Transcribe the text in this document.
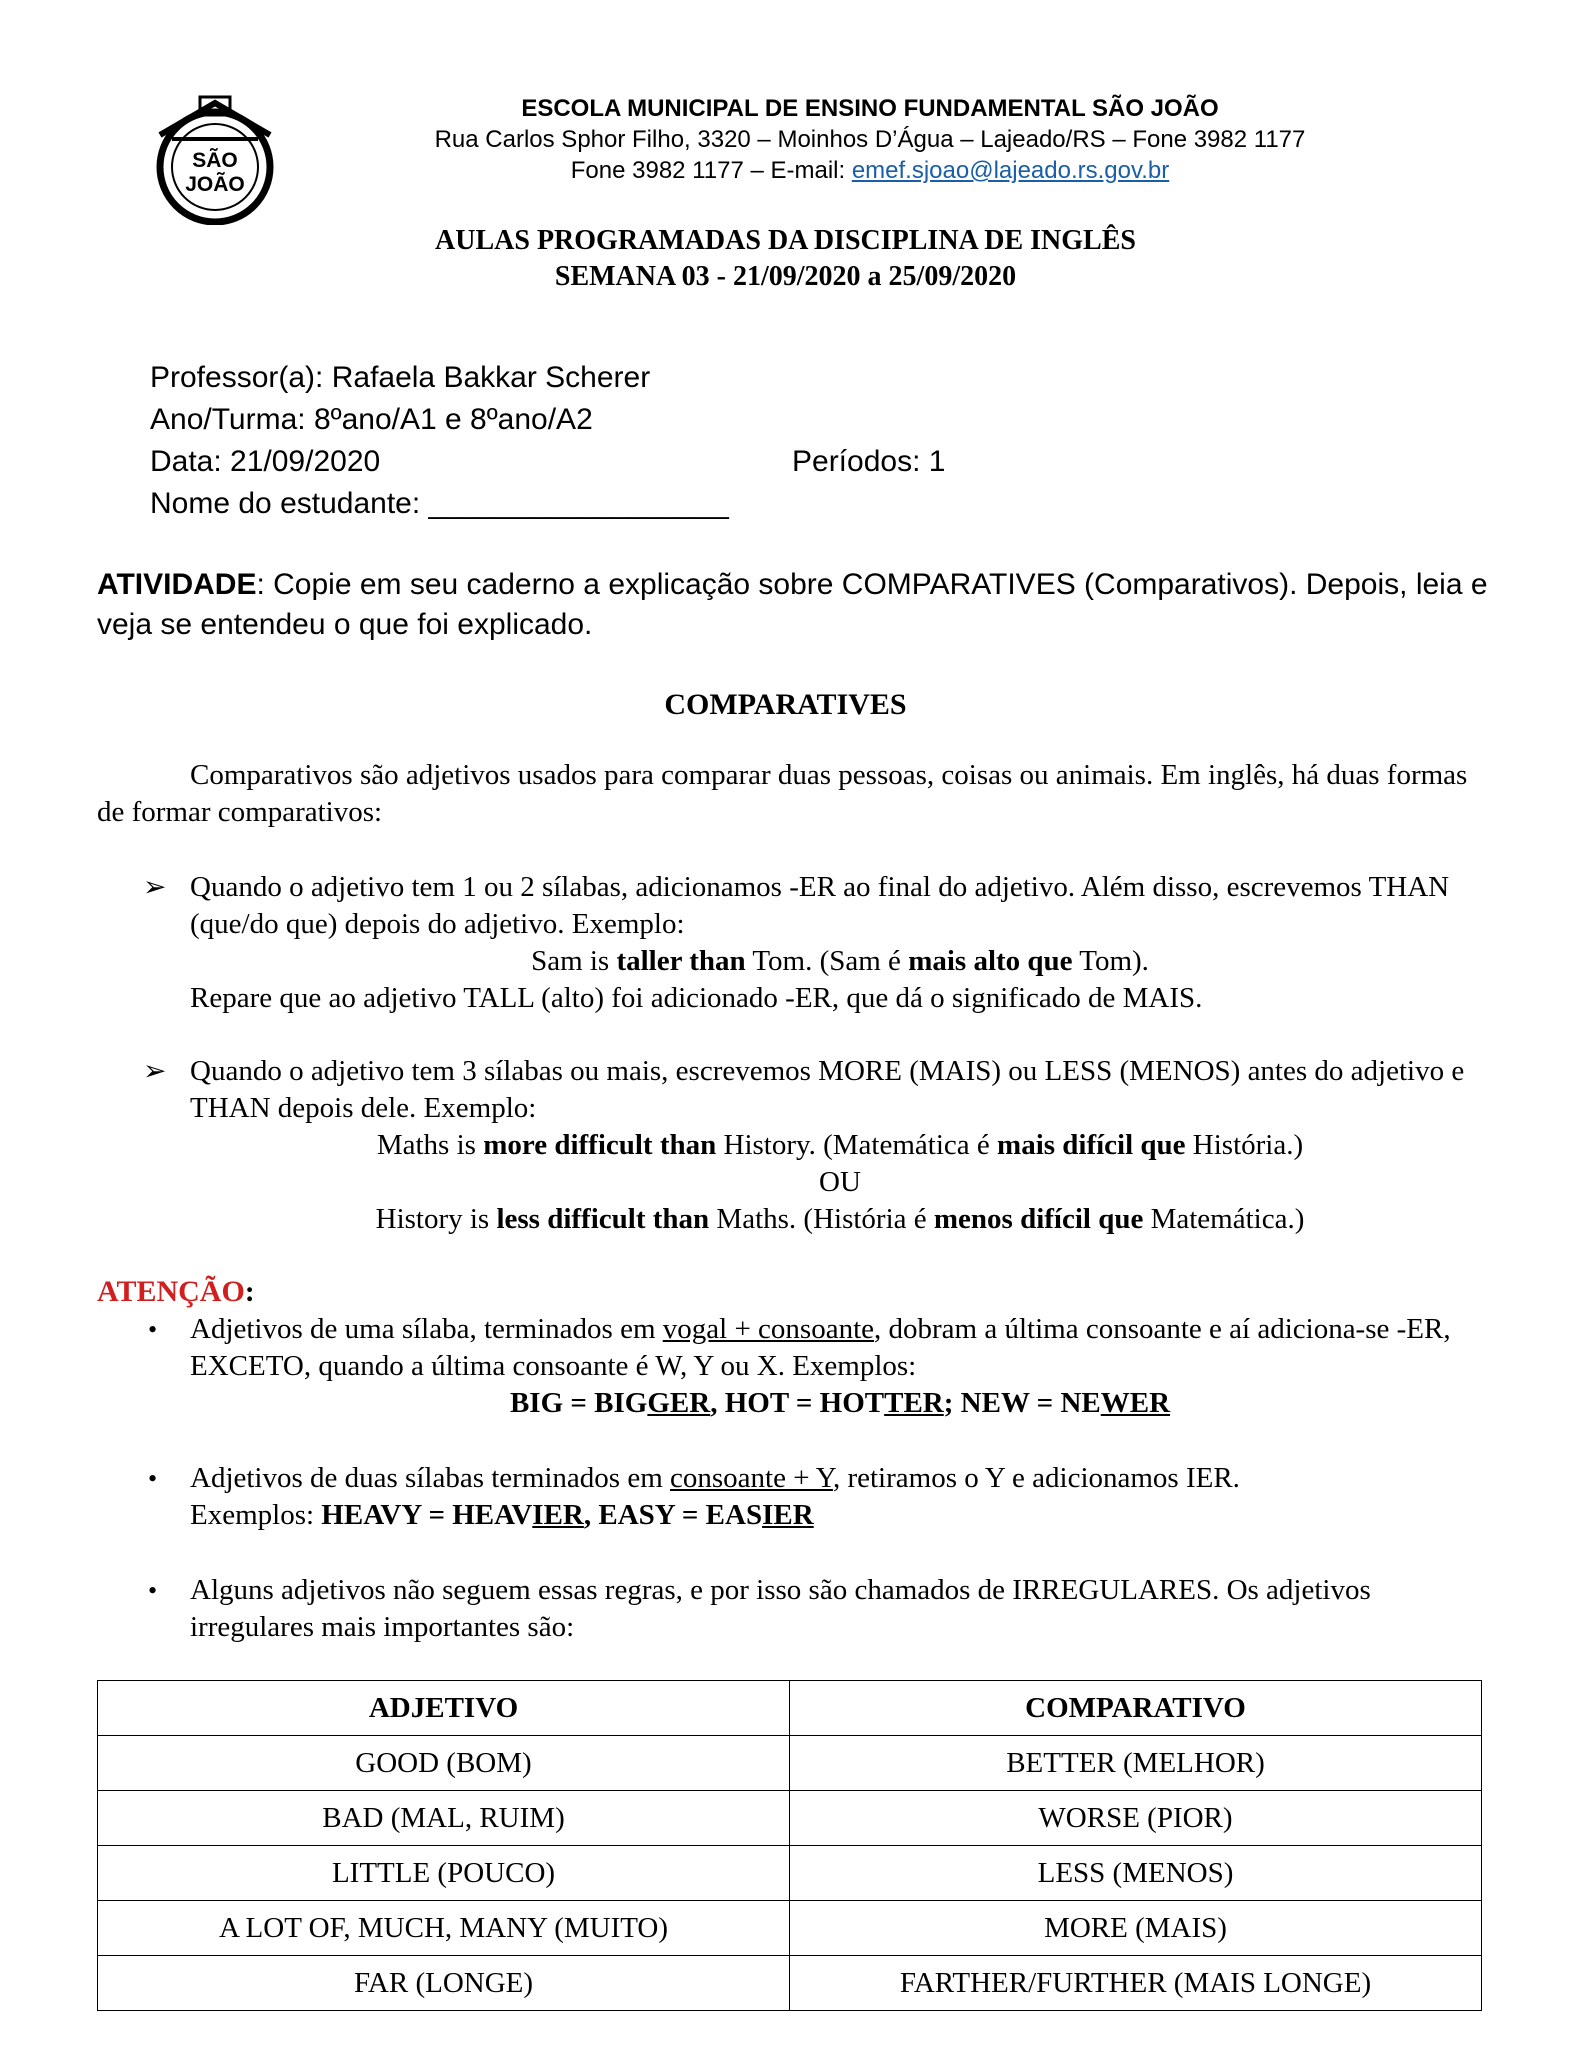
SÃO
JOÃO
ESCOLA MUNICIPAL DE ENSINO FUNDAMENTAL SÃO JOÃO
Rua Carlos Sphor Filho, 3320 – Moinhos D’Água – Lajeado/RS – Fone 3982 1177
Fone 3982 1177 – E-mail: emef.sjoao@lajeado.rs.gov.br
AULAS PROGRAMADAS DA DISCIPLINA DE INGLÊS
SEMANA 03 - 21/09/2020 a 25/09/2020
Professor(a): Rafaela Bakkar Scherer
Ano/Turma: 8ºano/A1 e 8ºano/A2
Data: 21/09/2020	Períodos: 1
Nome do estudante: __________________
ATIVIDADE: Copie em seu caderno a explicação sobre COMPARATIVES (Comparativos). Depois, leia e veja se entendeu o que foi explicado.
COMPARATIVES
Comparativos são adjetivos usados para comparar duas pessoas, coisas ou animais. Em inglês, há duas formas de formar comparativos:
➢ Quando o adjetivo tem 1 ou 2 sílabas, adicionamos -ER ao final do adjetivo. Além disso, escrevemos THAN (que/do que) depois do adjetivo. Exemplo:
Sam is taller than Tom. (Sam é mais alto que Tom).
Repare que ao adjetivo TALL (alto) foi adicionado -ER, que dá o significado de MAIS.
➢ Quando o adjetivo tem 3 sílabas ou mais, escrevemos MORE (MAIS) ou LESS (MENOS) antes do adjetivo e THAN depois dele. Exemplo:
Maths is more difficult than History. (Matemática é mais difícil que História.)
OU
History is less difficult than Maths. (História é menos difícil que Matemática.)
ATENÇÃO:
• Adjetivos de uma sílaba, terminados em vogal + consoante, dobram a última consoante e aí adiciona-se -ER, EXCETO, quando a última consoante é W, Y ou X. Exemplos:
BIG = BIGGER, HOT = HOTTER; NEW = NEWER
• Adjetivos de duas sílabas terminados em consoante + Y, retiramos o Y e adicionamos IER.
Exemplos: HEAVY = HEAVIER, EASY = EASIER
• Alguns adjetivos não seguem essas regras, e por isso são chamados de IRREGULARES. Os adjetivos irregulares mais importantes são:
ADJETIVO	COMPARATIVO
GOOD (BOM)	BETTER (MELHOR)
BAD (MAL, RUIM)	WORSE (PIOR)
LITTLE (POUCO)	LESS (MENOS)
A LOT OF, MUCH, MANY (MUITO)	MORE (MAIS)
FAR (LONGE)	FARTHER/FURTHER (MAIS LONGE)
